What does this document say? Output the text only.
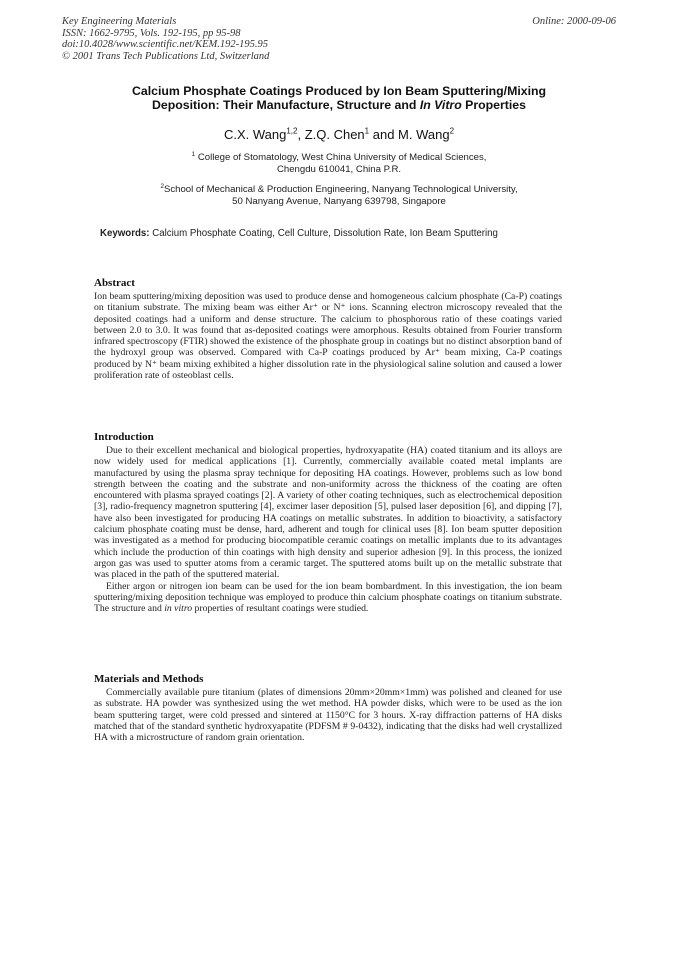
Key Engineering Materials
ISSN: 1662-9795, Vols. 192-195, pp 95-98
doi:10.4028/www.scientific.net/KEM.192-195.95
© 2001 Trans Tech Publications Ltd, Switzerland
Online: 2000-09-06
Calcium Phosphate Coatings Produced by Ion Beam Sputtering/Mixing
Deposition: Their Manufacture, Structure and In Vitro Properties
C.X. Wang$^{1,2}$, Z.Q. Chen$^1$ and M. Wang$^2$
$^1$ College of Stomatology, West China University of Medical Sciences,
Chengdu 610041, China P.R.
$^2$School of Mechanical & Production Engineering, Nanyang Technological University,
50 Nanyang Avenue, Nanyang 639798, Singapore
Keywords: Calcium Phosphate Coating, Cell Culture, Dissolution Rate, Ion Beam Sputtering
Abstract

Ion beam sputtering/mixing deposition was used to produce dense and homogeneous calcium phosphate (Ca-P) coatings on titanium substrate. The mixing beam was either Ar⁺ or N⁺ ions. Scanning electron microscopy revealed that the deposited coatings had a uniform and dense structure. The calcium to phosphorous ratio of these coatings varied between 2.0 to 3.0. It was found that as-deposited coatings were amorphous. Results obtained from Fourier transform infrared spectroscopy (FTIR) showed the existence of the phosphate group in coatings but no distinct absorption band of the hydroxyl group was observed. Compared with Ca-P coatings produced by Ar⁺ beam mixing, Ca-P coatings produced by N⁺ beam mixing exhibited a higher dissolution rate in the physiological saline solution and caused a lower proliferation rate of osteoblast cells.

Introduction

Due to their excellent mechanical and biological properties, hydroxyapatite (HA) coated titanium and its alloys are now widely used for medical applications [1]. Currently, commercially available coated metal implants are manufactured by using the plasma spray technique for depositing HA coatings. However, problems such as low bond strength between the coating and the substrate and non-uniformity across the thickness of the coating are often encountered with plasma sprayed coatings [2]. A variety of other coating techniques, such as electrochemical deposition [3], radio-frequency magnetron sputtering [4], excimer laser deposition [5], pulsed laser deposition [6], and dipping [7], have also been investigated for producing HA coatings on metallic substrates. In addition to bioactivity, a satisfactory calcium phosphate coating must be dense, hard, adherent and tough for clinical uses [8]. Ion beam sputter deposition was investigated as a method for producing biocompatible ceramic coatings on metallic implants due to its advantages which include the production of thin coatings with high density and superior adhesion [9]. In this process, the ionized argon gas was used to sputter atoms from a ceramic target. The sputtered atoms built up on the metallic substrate that was placed in the path of the sputtered material.

Either argon or nitrogen ion beam can be used for the ion beam bombardment. In this investigation, the ion beam sputtering/mixing deposition technique was employed to produce thin calcium phosphate coatings on titanium substrate. The structure and in vitro properties of resultant coatings were studied.

Materials and Methods

Commercially available pure titanium (plates of dimensions 20mm×20mm×1mm) was polished and cleaned for use as substrate. HA powder was synthesized using the wet method. HA powder disks, which were to be used as the ion beam sputtering target, were cold pressed and sintered at 1150°C for 3 hours. X-ray diffraction patterns of HA disks matched that of the standard synthetic hydroxyapatite (PDFSM # 9-0432), indicating that the disks had well crystallized HA with a microstructure of random grain orientation.
